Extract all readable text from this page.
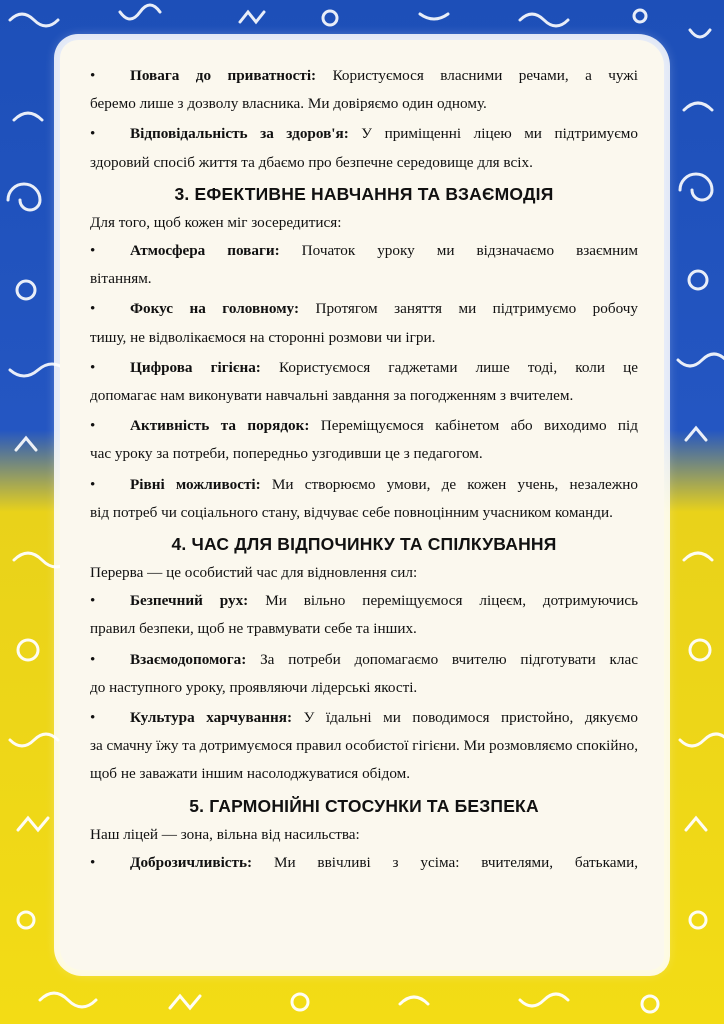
• Повага до приватності: Користуємося власними речами, а чужі
беремо лише з дозволу власника. Ми довіряємо один одному.
• Відповідальність за здоров'я: У приміщенні ліцею ми підтримуємо
здоровий спосіб життя та дбаємо про безпечне середовище для всіх.
3. ЕФЕКТИВНЕ НАВЧАННЯ ТА ВЗАЄМОДІЯ
Для того, щоб кожен міг зосередитися:
• Атмосфера поваги: Початок уроку ми відзначаємо взаємним
вітанням.
• Фокус на головному: Протягом заняття ми підтримуємо робочу
тишу, не відволікаємося на сторонні розмови чи ігри.
• Цифрова гігієна: Користуємося гаджетами лише тоді, коли це
допомагає нам виконувати навчальні завдання за погодженням з вчителем.
• Активність та порядок: Переміщуємося кабінетом або виходимо під
час уроку за потреби, попередньо узгодивши це з педагогом.
• Рівні можливості: Ми створюємо умови, де кожен учень, незалежно
від потреб чи соціального стану, відчуває себе повноцінним учасником команди.
4. ЧАС ДЛЯ ВІДПОЧИНКУ ТА СПІЛКУВАННЯ
Перерва — це особистий час для відновлення сил:
• Безпечний рух: Ми вільно переміщуємося ліцеєм, дотримуючись
правил безпеки, щоб не травмувати себе та інших.
• Взаємодопомога: За потреби допомагаємо вчителю підготувати клас
до наступного уроку, проявляючи лідерські якості.
• Культура харчування: У їдальні ми поводимося пристойно, дякуємо
за смачну їжу та дотримуємося правил особистої гігієни. Ми розмовляємо спокійно, щоб не заважати іншим насолоджуватися обідом.
5. ГАРМОНІЙНІ СТОСУНКИ ТА БЕЗПЕКА
Наш ліцей — зона, вільна від насильства:
• Доброзичливість: Ми ввічливі з усіма: вчителями, батьками,
